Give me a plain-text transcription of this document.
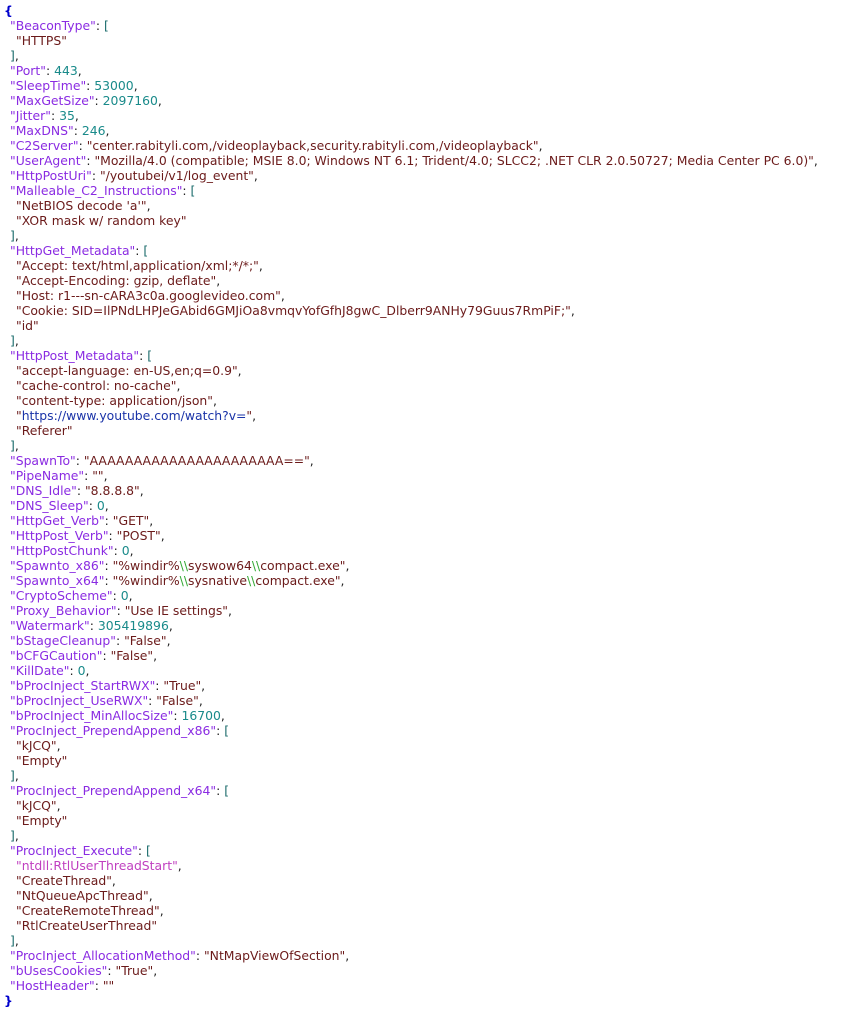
{
"BeaconType": [
"HTTPS"
],
"Port": 443,
"SleepTime": 53000,
"MaxGetSize": 2097160,
"Jitter": 35,
"MaxDNS": 246,
"C2Server": "center.rabityli.com,/videoplayback,security.rabityli.com,/videoplayback",
"UserAgent": "Mozilla/4.0 (compatible; MSIE 8.0; Windows NT 6.1; Trident/4.0; SLCC2; .NET CLR 2.0.50727; Media Center PC 6.0)",
"HttpPostUri": "/youtubei/v1/log_event",
"Malleable_C2_Instructions": [
"NetBIOS decode 'a'",
"XOR mask w/ random key"
],
"HttpGet_Metadata": [
"Accept: text/html,application/xml;*/*;",
"Accept-Encoding: gzip, deflate",
"Host: r1---sn-cARA3c0a.googlevideo.com",
"Cookie: SID=IlPNdLHPJeGAbid6GMJiOa8vmqvYofGfhJ8gwC_Dlberr9ANHy79Guus7RmPiF;",
"id"
],
"HttpPost_Metadata": [
"accept-language: en-US,en;q=0.9",
"cache-control: no-cache",
"content-type: application/json",
"https://www.youtube.com/watch?v=",
"Referer"
],
"SpawnTo": "AAAAAAAAAAAAAAAAAAAAAA==",
"PipeName": "",
"DNS_Idle": "8.8.8.8",
"DNS_Sleep": 0,
"HttpGet_Verb": "GET",
"HttpPost_Verb": "POST",
"HttpPostChunk": 0,
"Spawnto_x86": "%windir%\\syswow64\\compact.exe",
"Spawnto_x64": "%windir%\\sysnative\\compact.exe",
"CryptoScheme": 0,
"Proxy_Behavior": "Use IE settings",
"Watermark": 305419896,
"bStageCleanup": "False",
"bCFGCaution": "False",
"KillDate": 0,
"bProcInject_StartRWX": "True",
"bProcInject_UseRWX": "False",
"bProcInject_MinAllocSize": 16700,
"ProcInject_PrependAppend_x86": [
"kJCQ",
"Empty"
],
"ProcInject_PrependAppend_x64": [
"kJCQ",
"Empty"
],
"ProcInject_Execute": [
"ntdll:RtlUserThreadStart",
"CreateThread",
"NtQueueApcThread",
"CreateRemoteThread",
"RtlCreateUserThread"
],
"ProcInject_AllocationMethod": "NtMapViewOfSection",
"bUsesCookies": "True",
"HostHeader": ""
}
